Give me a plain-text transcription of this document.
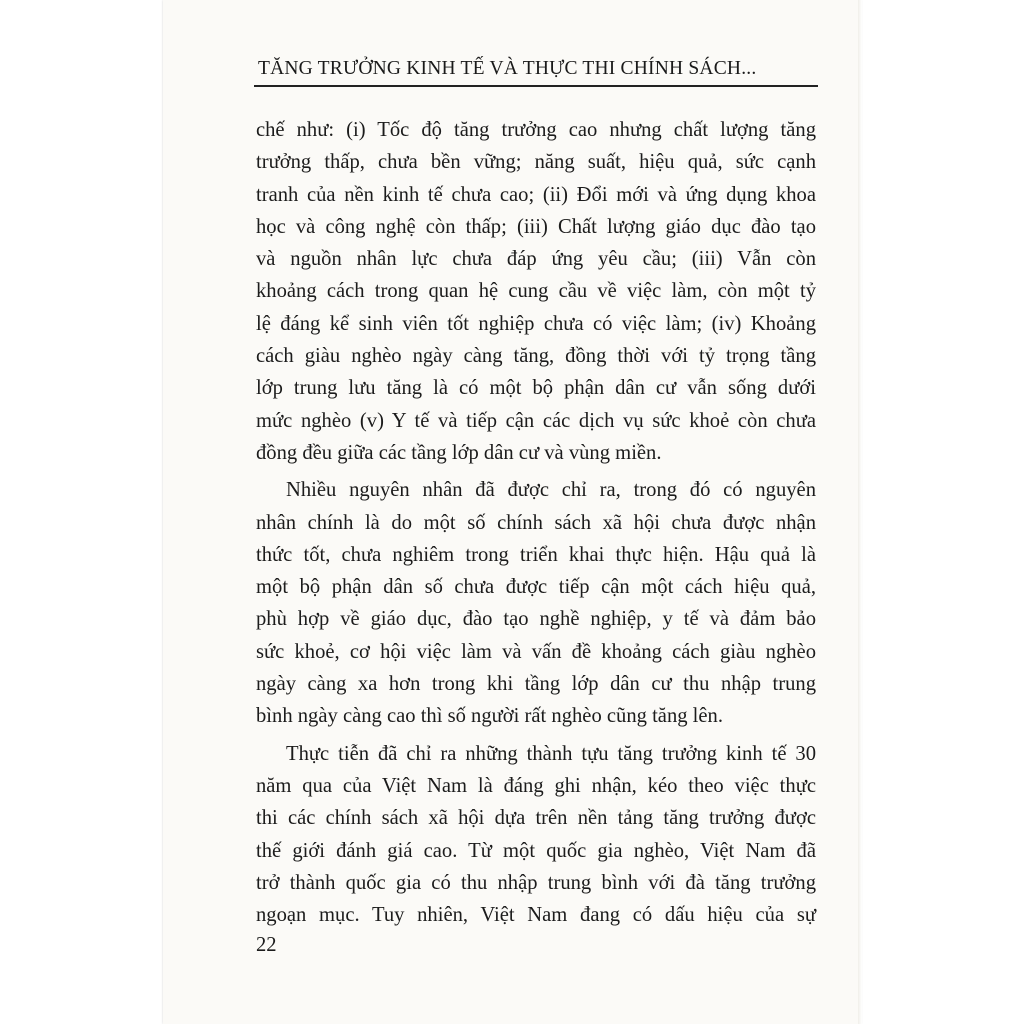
TĂNG TRƯỞNG KINH TẾ VÀ THỰC THI CHÍNH SÁCH...

chế như: (i) Tốc độ tăng trưởng cao nhưng chất lượng tăng
trưởng thấp, chưa bền vững; năng suất, hiệu quả, sức cạnh
tranh của nền kinh tế chưa cao; (ii) Đổi mới và ứng dụng khoa
học và công nghệ còn thấp; (iii) Chất lượng giáo dục đào tạo
và nguồn nhân lực chưa đáp ứng yêu cầu; (iii) Vẫn còn
khoảng cách trong quan hệ cung cầu về việc làm, còn một tỷ
lệ đáng kể sinh viên tốt nghiệp chưa có việc làm; (iv) Khoảng
cách giàu nghèo ngày càng tăng, đồng thời với tỷ trọng tầng
lớp trung lưu tăng là có một bộ phận dân cư vẫn sống dưới
mức nghèo (v) Y tế và tiếp cận các dịch vụ sức khoẻ còn chưa
đồng đều giữa các tầng lớp dân cư và vùng miền.

Nhiều nguyên nhân đã được chỉ ra, trong đó có nguyên
nhân chính là do một số chính sách xã hội chưa được nhận
thức tốt, chưa nghiêm trong triển khai thực hiện. Hậu quả là
một bộ phận dân số chưa được tiếp cận một cách hiệu quả,
phù hợp về giáo dục, đào tạo nghề nghiệp, y tế và đảm bảo
sức khoẻ, cơ hội việc làm và vấn đề khoảng cách giàu nghèo
ngày càng xa hơn trong khi tầng lớp dân cư thu nhập trung
bình ngày càng cao thì số người rất nghèo cũng tăng lên.

Thực tiễn đã chỉ ra những thành tựu tăng trưởng kinh tế 30
năm qua của Việt Nam là đáng ghi nhận, kéo theo việc thực
thi các chính sách xã hội dựa trên nền tảng tăng trưởng được
thế giới đánh giá cao. Từ một quốc gia nghèo, Việt Nam đã
trở thành quốc gia có thu nhập trung bình với đà tăng trưởng
ngoạn mục. Tuy nhiên, Việt Nam đang có dấu hiệu của sự

22
